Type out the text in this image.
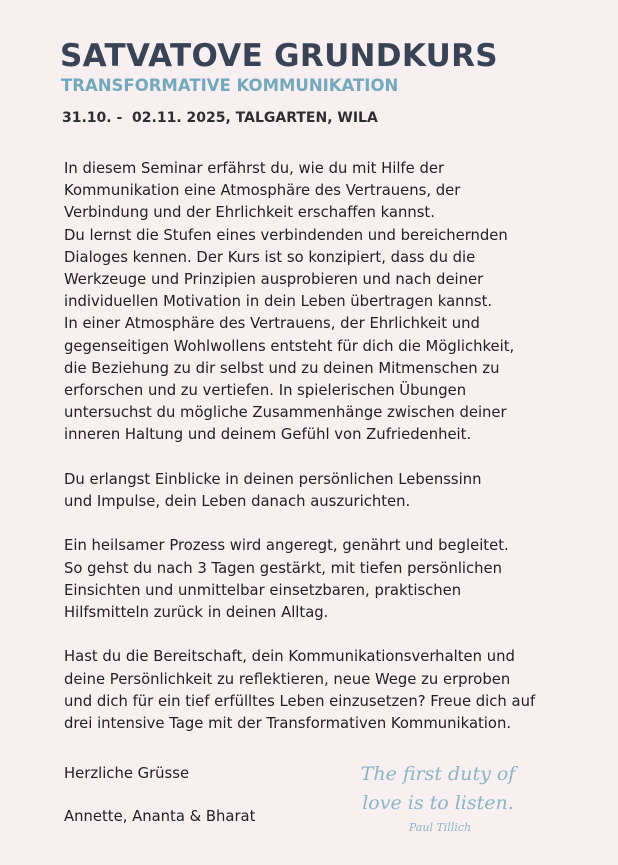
SATVATOVE GRUNDKURS
TRANSFORMATIVE KOMMUNIKATION
31.10. -  02.11. 2025, TALGARTEN, WILA
In diesem Seminar erfährst du, wie du mit Hilfe der
Kommunikation eine Atmosphäre des Vertrauens, der
Verbindung und der Ehrlichkeit erschaffen kannst.
Du lernst die Stufen eines verbindenden und bereichernden
Dialoges kennen. Der Kurs ist so konzipiert, dass du die
Werkzeuge und Prinzipien ausprobieren und nach deiner
individuellen Motivation in dein Leben übertragen kannst.
In einer Atmosphäre des Vertrauens, der Ehrlichkeit und
gegenseitigen Wohlwollens entsteht für dich die Möglichkeit,
die Beziehung zu dir selbst und zu deinen Mitmenschen zu
erforschen und zu vertiefen. In spielerischen Übungen
untersuchst du mögliche Zusammenhänge zwischen deiner
inneren Haltung und deinem Gefühl von Zufriedenheit.
Du erlangst Einblicke in deinen persönlichen Lebenssinn
und Impulse, dein Leben danach auszurichten.
Ein heilsamer Prozess wird angeregt, genährt und begleitet.
So gehst du nach 3 Tagen gestärkt, mit tiefen persönlichen
Einsichten und unmittelbar einsetzbaren, praktischen
Hilfsmitteln zurück in deinen Alltag.
Hast du die Bereitschaft, dein Kommunikationsverhalten und
deine Persönlichkeit zu reflektieren, neue Wege zu erproben
und dich für ein tief erfülltes Leben einzusetzen? Freue dich auf
drei intensive Tage mit der Transformativen Kommunikation.
Herzliche Grüsse
Annette, Ananta & Bharat
The first duty of
love is to listen.
Paul Tillich
